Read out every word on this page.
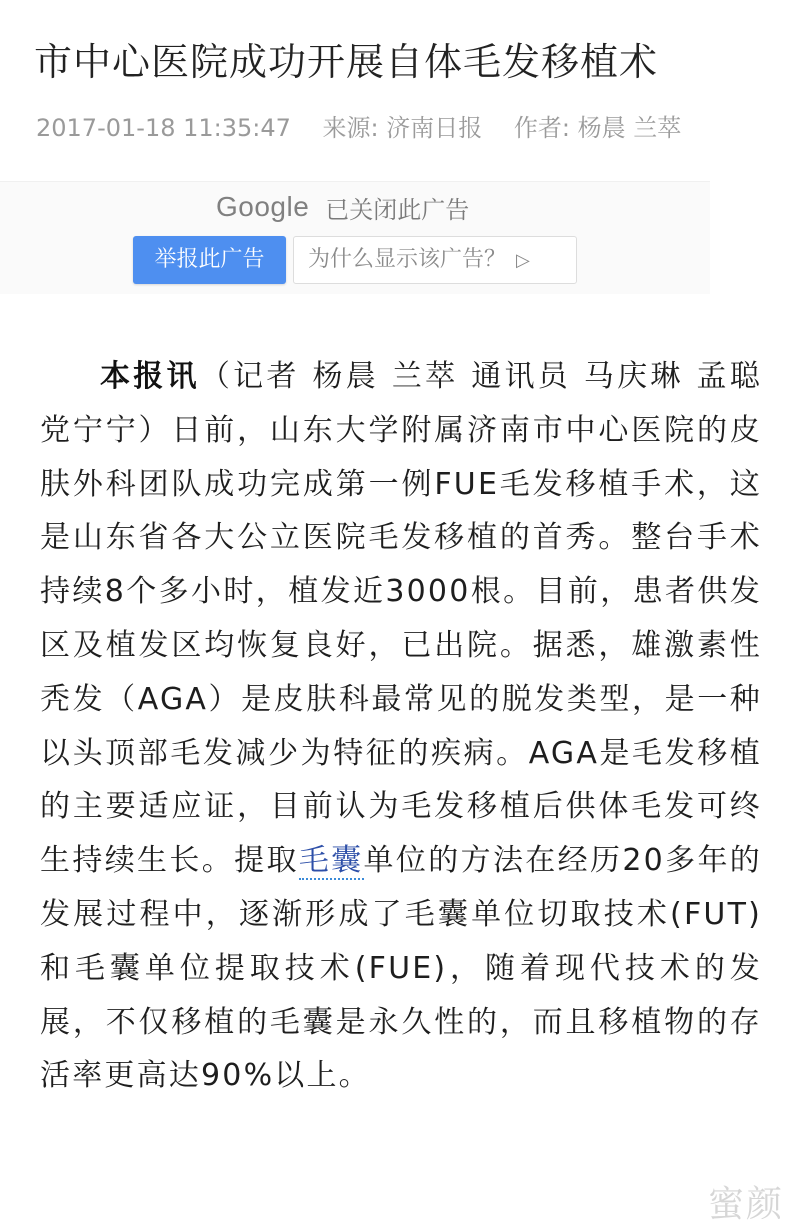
市中心医院成功开展自体毛发移植术
2017-01-18 11:35:47 来源: 济南日报 作者: 杨晨 兰萃
Google 已关闭此广告
举报此广告	为什么显示该广告？ ▷

本报讯（记者 杨晨 兰萃 通讯员 马庆琳 孟聪 党宁宁）日前，山东大学附属济南市中心医院的皮肤外科团队成功完成第一例FUE毛发移植手术，这是山东省各大公立医院毛发移植的首秀。整台手术持续8个多小时，植发近3000根。目前，患者供发区及植发区均恢复良好，已出院。据悉，雄激素性秃发（AGA）是皮肤科最常见的脱发类型，是一种以头顶部毛发减少为特征的疾病。AGA是毛发移植的主要适应证，目前认为毛发移植后供体毛发可终生持续生长。提取毛囊单位的方法在经历20多年的发展过程中，逐渐形成了毛囊单位切取技术(FUT)和毛囊单位提取技术(FUE)，随着现代技术的发展，不仅移植的毛囊是永久性的，而且移植物的存活率更高达90%以上。

蜜颜
